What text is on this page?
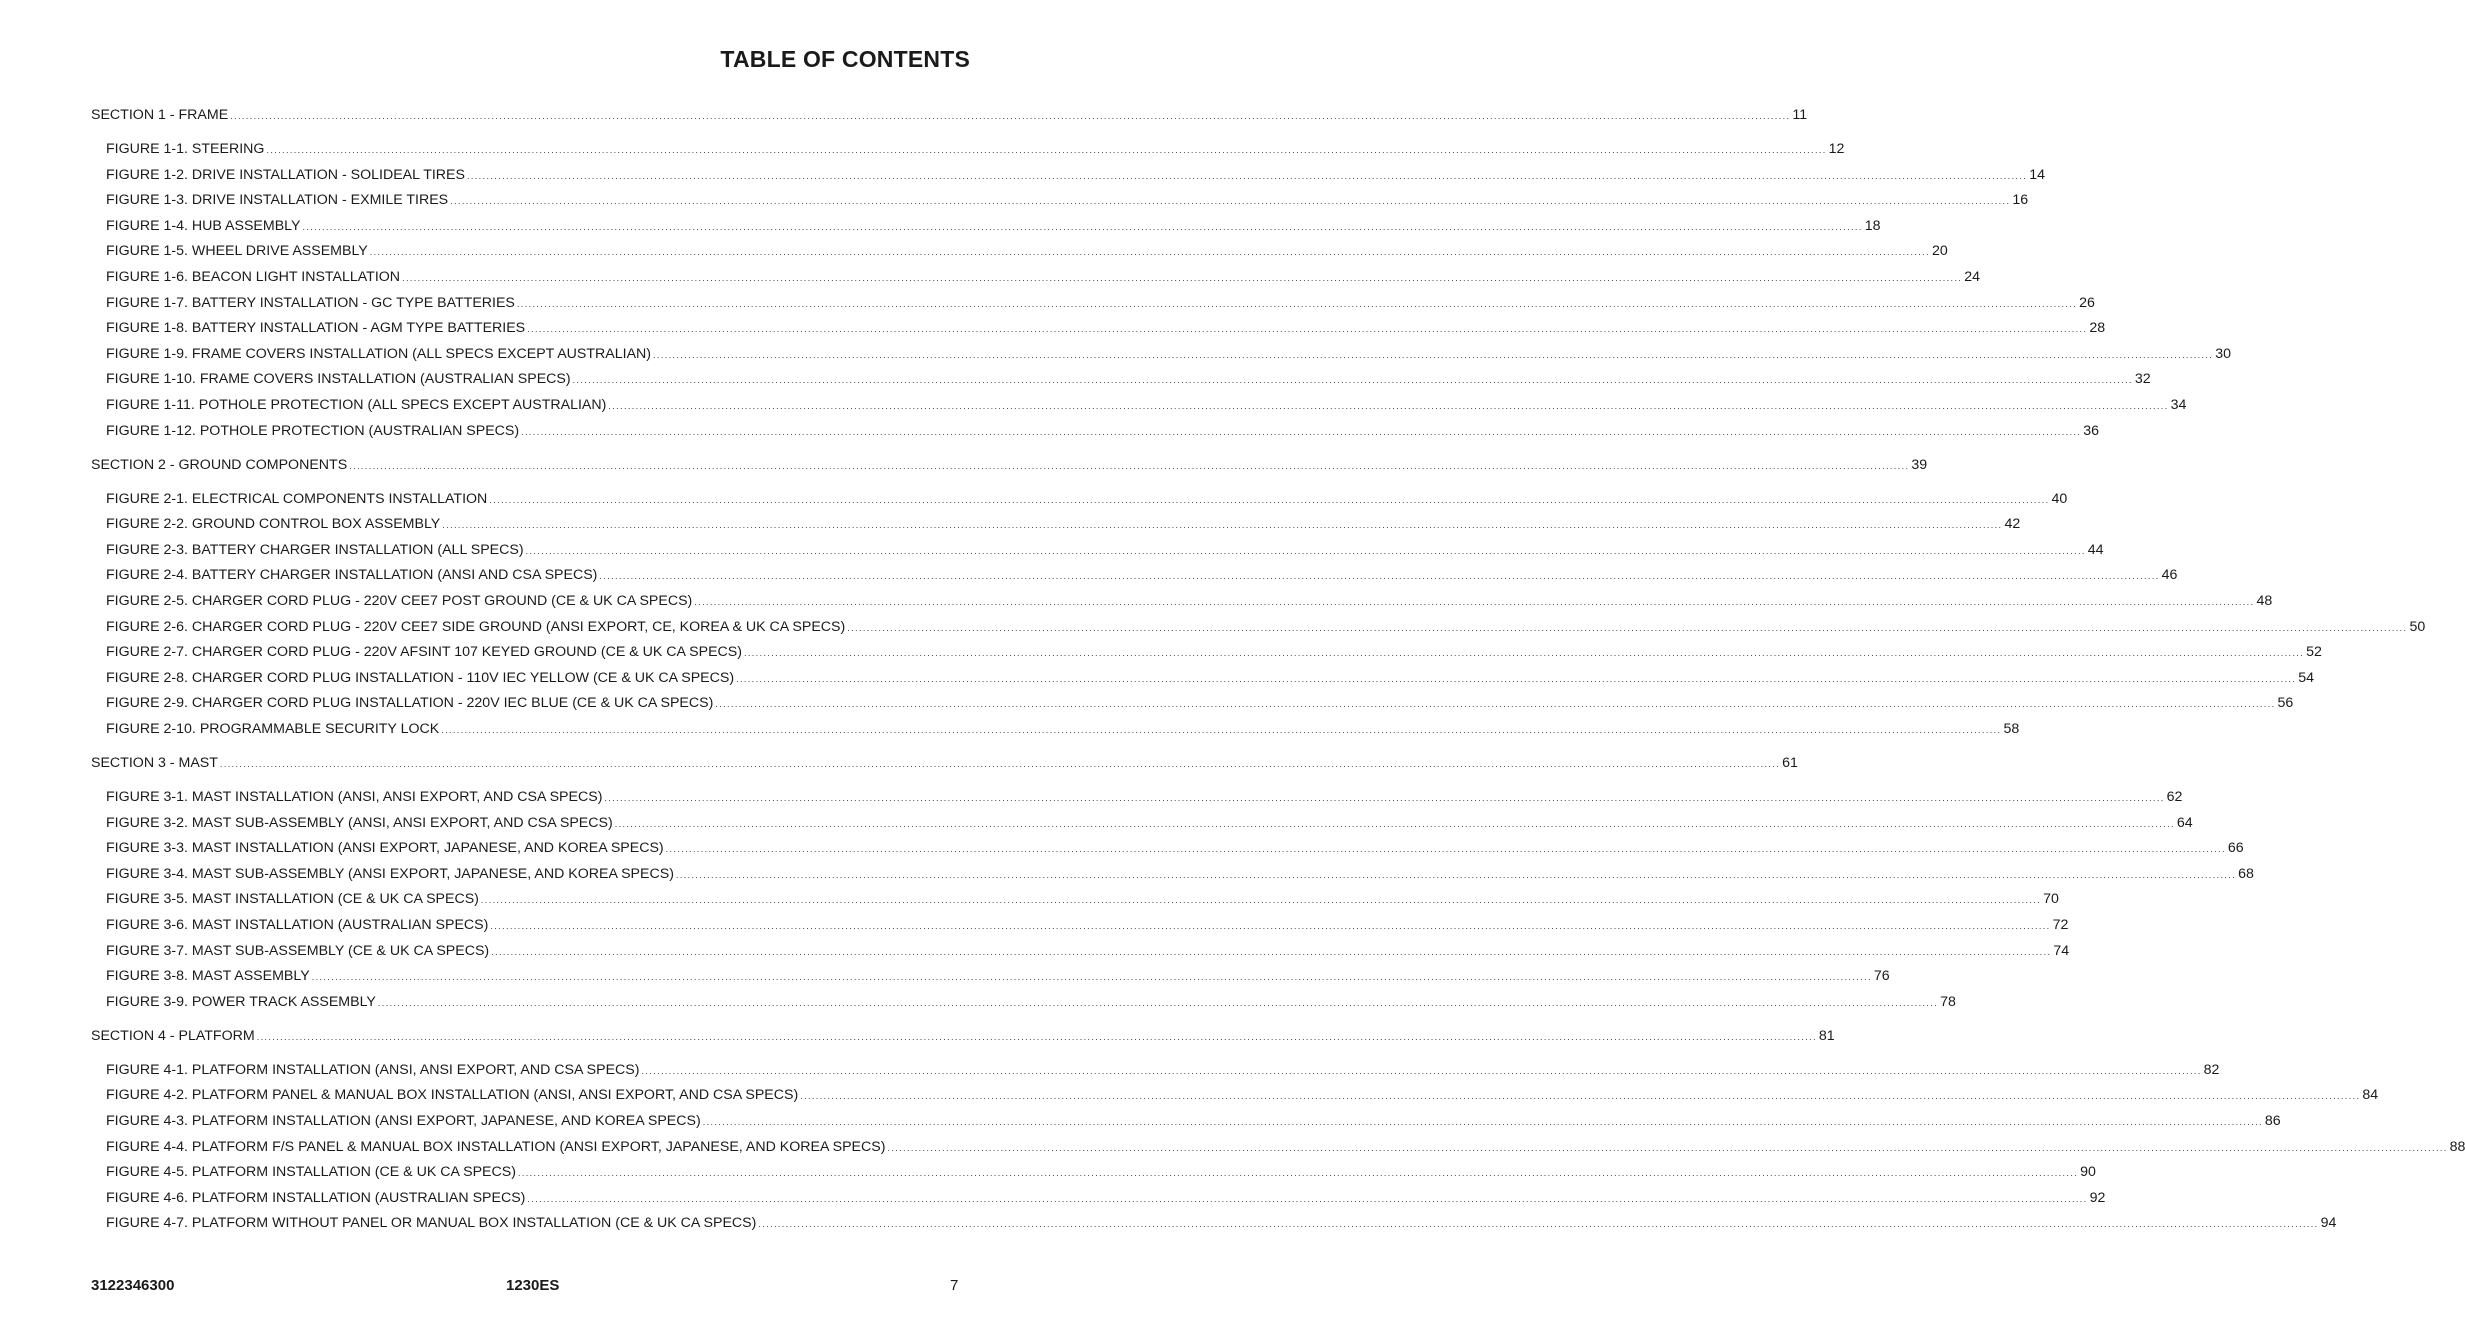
TABLE OF CONTENTS
SECTION 1 - FRAME ................................................................................................................................................................................................................................................................................................................................................................................................................ 11
FIGURE 1-1. STEERING ................................................................................................................................................................................................................................................................................................................................................................................................................ 12
FIGURE 1-2. DRIVE INSTALLATION - SOLIDEAL TIRES ................................................................................................................................................................................................................................................................................................................................................................................................................ 14
FIGURE 1-3. DRIVE INSTALLATION - EXMILE TIRES ................................................................................................................................................................................................................................................................................................................................................................................................................ 16
FIGURE 1-4. HUB ASSEMBLY ................................................................................................................................................................................................................................................................................................................................................................................................................ 18
FIGURE 1-5. WHEEL DRIVE ASSEMBLY ................................................................................................................................................................................................................................................................................................................................................................................................................ 20
FIGURE 1-6. BEACON LIGHT INSTALLATION ................................................................................................................................................................................................................................................................................................................................................................................................................ 24
FIGURE 1-7. BATTERY INSTALLATION - GC TYPE BATTERIES ................................................................................................................................................................................................................................................................................................................................................................................................................ 26
FIGURE 1-8. BATTERY INSTALLATION - AGM TYPE BATTERIES ................................................................................................................................................................................................................................................................................................................................................................................................................ 28
FIGURE 1-9. FRAME COVERS INSTALLATION (ALL SPECS EXCEPT AUSTRALIAN) ................................................................................................................................................................................................................................................................................................................................................................................................................ 30
FIGURE 1-10. FRAME COVERS INSTALLATION (AUSTRALIAN SPECS) ................................................................................................................................................................................................................................................................................................................................................................................................................ 32
FIGURE 1-11. POTHOLE PROTECTION (ALL SPECS EXCEPT AUSTRALIAN) ................................................................................................................................................................................................................................................................................................................................................................................................................ 34
FIGURE 1-12. POTHOLE PROTECTION (AUSTRALIAN SPECS) ................................................................................................................................................................................................................................................................................................................................................................................................................ 36
SECTION 2 - GROUND COMPONENTS ................................................................................................................................................................................................................................................................................................................................................................................................................ 39
FIGURE 2-1. ELECTRICAL COMPONENTS INSTALLATION ................................................................................................................................................................................................................................................................................................................................................................................................................ 40
FIGURE 2-2. GROUND CONTROL BOX ASSEMBLY ................................................................................................................................................................................................................................................................................................................................................................................................................ 42
FIGURE 2-3. BATTERY CHARGER INSTALLATION (ALL SPECS) ................................................................................................................................................................................................................................................................................................................................................................................................................ 44
FIGURE 2-4. BATTERY CHARGER INSTALLATION (ANSI AND CSA SPECS) ................................................................................................................................................................................................................................................................................................................................................................................................................ 46
FIGURE 2-5. CHARGER CORD PLUG - 220V CEE7 POST GROUND (CE & UK CA SPECS) ................................................................................................................................................................................................................................................................................................................................................................................................................ 48
FIGURE 2-6. CHARGER CORD PLUG - 220V CEE7 SIDE GROUND (ANSI EXPORT, CE, KOREA & UK CA SPECS) ................................................................................................................................................................................................................................................................................................................................................................................................................ 50
FIGURE 2-7. CHARGER CORD PLUG - 220V AFSINT 107 KEYED GROUND (CE & UK CA SPECS) ................................................................................................................................................................................................................................................................................................................................................................................................................ 52
FIGURE 2-8. CHARGER CORD PLUG INSTALLATION - 110V IEC YELLOW (CE & UK CA SPECS) ................................................................................................................................................................................................................................................................................................................................................................................................................ 54
FIGURE 2-9. CHARGER CORD PLUG INSTALLATION - 220V IEC BLUE (CE & UK CA SPECS) ................................................................................................................................................................................................................................................................................................................................................................................................................ 56
FIGURE 2-10. PROGRAMMABLE SECURITY LOCK ................................................................................................................................................................................................................................................................................................................................................................................................................ 58
SECTION 3 - MAST ................................................................................................................................................................................................................................................................................................................................................................................................................ 61
FIGURE 3-1. MAST INSTALLATION (ANSI, ANSI EXPORT, AND CSA SPECS) ................................................................................................................................................................................................................................................................................................................................................................................................................ 62
FIGURE 3-2. MAST SUB-ASSEMBLY (ANSI, ANSI EXPORT, AND CSA SPECS) ................................................................................................................................................................................................................................................................................................................................................................................................................ 64
FIGURE 3-3. MAST INSTALLATION (ANSI EXPORT, JAPANESE, AND KOREA SPECS) ................................................................................................................................................................................................................................................................................................................................................................................................................ 66
FIGURE 3-4. MAST SUB-ASSEMBLY (ANSI EXPORT, JAPANESE, AND KOREA SPECS) ................................................................................................................................................................................................................................................................................................................................................................................................................ 68
FIGURE 3-5. MAST INSTALLATION (CE & UK CA SPECS) ................................................................................................................................................................................................................................................................................................................................................................................................................ 70
FIGURE 3-6. MAST INSTALLATION (AUSTRALIAN SPECS) ................................................................................................................................................................................................................................................................................................................................................................................................................ 72
FIGURE 3-7. MAST SUB-ASSEMBLY (CE & UK CA SPECS) ................................................................................................................................................................................................................................................................................................................................................................................................................ 74
FIGURE 3-8. MAST ASSEMBLY ................................................................................................................................................................................................................................................................................................................................................................................................................ 76
FIGURE 3-9. POWER TRACK ASSEMBLY ................................................................................................................................................................................................................................................................................................................................................................................................................ 78
SECTION 4 - PLATFORM ................................................................................................................................................................................................................................................................................................................................................................................................................ 81
FIGURE 4-1. PLATFORM INSTALLATION (ANSI, ANSI EXPORT, AND CSA SPECS) ................................................................................................................................................................................................................................................................................................................................................................................................................ 82
FIGURE 4-2. PLATFORM PANEL & MANUAL BOX INSTALLATION (ANSI, ANSI EXPORT, AND CSA SPECS) ................................................................................................................................................................................................................................................................................................................................................................................................................ 84
FIGURE 4-3. PLATFORM INSTALLATION (ANSI EXPORT, JAPANESE, AND KOREA SPECS) ................................................................................................................................................................................................................................................................................................................................................................................................................ 86
FIGURE 4-4. PLATFORM F/S PANEL & MANUAL BOX INSTALLATION (ANSI EXPORT, JAPANESE, AND KOREA SPECS) ................................................................................................................................................................................................................................................................................................................................................................................................................ 88
FIGURE 4-5. PLATFORM INSTALLATION (CE & UK CA SPECS) ................................................................................................................................................................................................................................................................................................................................................................................................................ 90
FIGURE 4-6. PLATFORM INSTALLATION (AUSTRALIAN SPECS) ................................................................................................................................................................................................................................................................................................................................................................................................................ 92
FIGURE 4-7. PLATFORM WITHOUT PANEL OR MANUAL BOX INSTALLATION (CE & UK CA SPECS) ................................................................................................................................................................................................................................................................................................................................................................................................................ 94
3122346300	1230ES	7
